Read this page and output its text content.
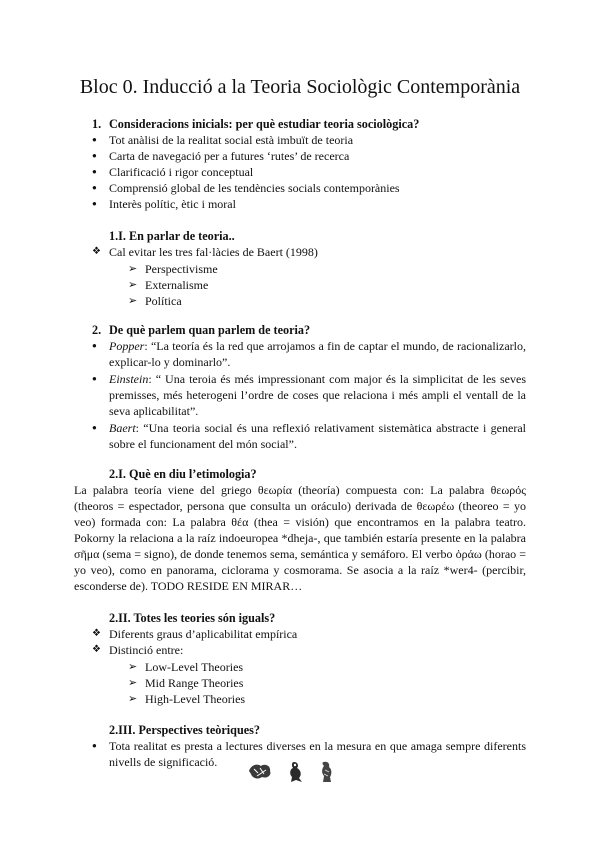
Bloc 0. Inducció a la Teoria Sociològic Contemporània
1. Consideracions inicials: per què estudiar teoria sociològica?
● Tot anàlisi de la realitat social està imbuït de teoria
● Carta de navegació per a futures ‘rutes’ de recerca
● Clarificació i rigor conceptual
● Comprensió global de les tendències socials contemporànies
● Interès polític, ètic i moral
1.I. En parlar de teoria..
❖ Cal evitar les tres fal·làcies de Baert (1998)
➢ Perspectivisme
➢ Externalisme
➢ Política
2. De què parlem quan parlem de teoria?
● Popper: “La teoría és la red que arrojamos a fin de captar el mundo, de racionalizarlo, explicar-lo y dominarlo”.
● Einstein: “ Una teroia és més impressionant com major és la simplicitat de les seves premisses, més heterogeni l’ordre de coses que relaciona i més ampli el ventall de la seva aplicabilitat”.
● Baert: “Una teoria social és una reflexió relativament sistemàtica abstracte i general sobre el funcionament del món social”.
2.I. Què en diu l’etimologia?

La palabra teoría viene del griego θεωρία (theoría) compuesta con: La palabra θεωρός (theoros = espectador, persona que consulta un oráculo) derivada de θεωρέω (theoreo = yo veo) formada con: La palabra θέα (thea = visión) que encontramos en la palabra teatro. Pokorny la relaciona a la raíz indoeuropea *dheja-, que también estaría presente en la palabra σῆμα (sema = signo), de donde tenemos sema, semántica y semáforo. El verbo ὁράω (horao = yo veo), como en panorama, ciclorama y cosmorama. Se asocia a la raíz *wer4- (percibir, esconderse de). TODO RESIDE EN MIRAR…

2.II. Totes les teories són iguals?
❖ Diferents graus d’aplicabilitat empírica
❖ Distinció entre:
➢ Low-Level Theories
➢ Mid Range Theories
➢ High-Level Theories
2.III. Perspectives teòriques?
● Tota realitat es presta a lectures diverses en la mesura en que amaga sempre diferents nivells de significació.
